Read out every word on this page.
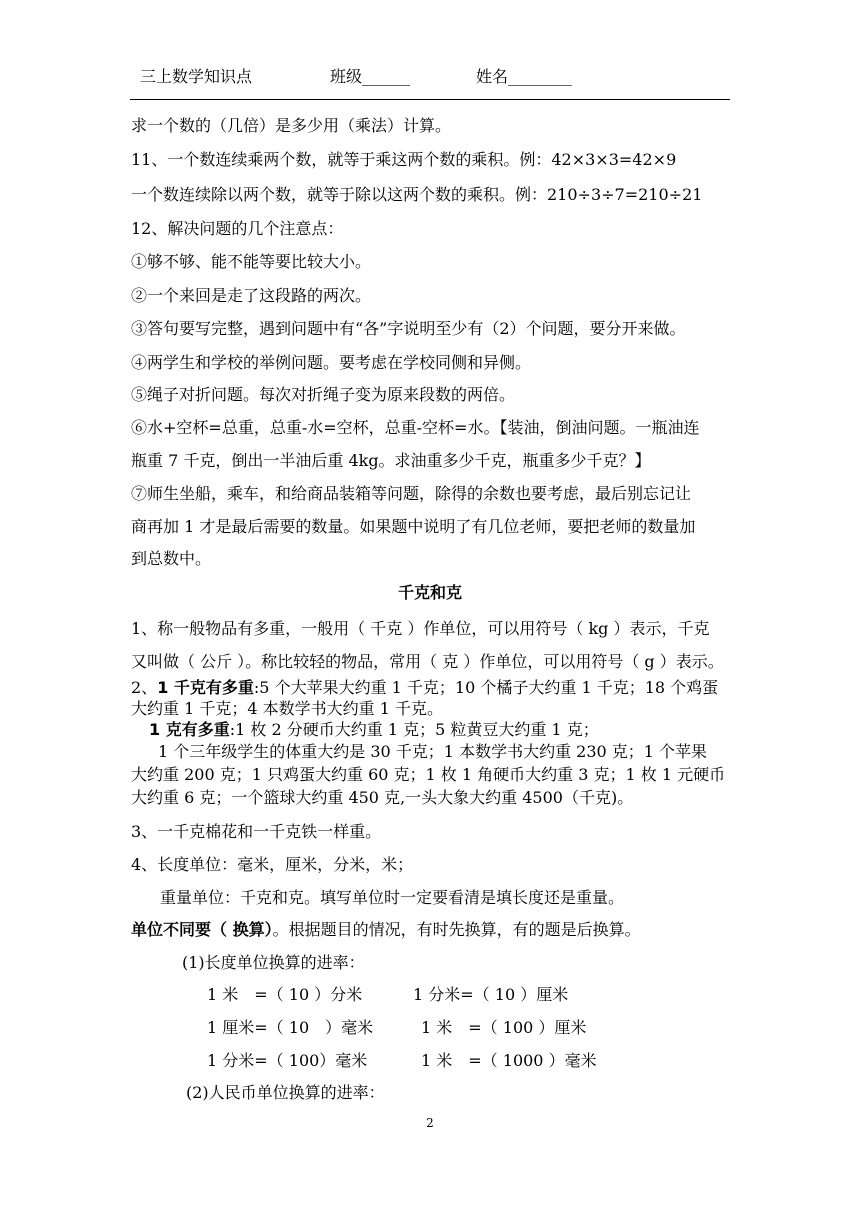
三上数学知识点	班级______	姓名________
求一个数的（几倍）是多少用（乘法）计算。
11、一个数连续乘两个数，就等于乘这两个数的乘积。例：42×3×3=42×9
一个数连续除以两个数，就等于除以这两个数的乘积。例：210÷3÷7=210÷21
12、解决问题的几个注意点：
①够不够、能不能等要比较大小。
②一个来回是走了这段路的两次。
③答句要写完整，遇到问题中有“各”字说明至少有（2）个问题，要分开来做。
④两学生和学校的举例问题。要考虑在学校同侧和异侧。
⑤绳子对折问题。每次对折绳子变为原来段数的两倍。
⑥水+空杯=总重，总重-水=空杯，总重-空杯=水。【装油，倒油问题。一瓶油连
瓶重 7 千克，倒出一半油后重 4kg。求油重多少千克，瓶重多少千克？】
⑦师生坐船，乘车，和给商品装箱等问题，除得的余数也要考虑，最后别忘记让
商再加 1 才是最后需要的数量。如果题中说明了有几位老师，要把老师的数量加
到总数中。
千克和克
1、称一般物品有多重，一般用（ 千克 ）作单位，可以用符号（ kg ）表示，千克
又叫做（ 公斤 ）。称比较轻的物品，常用（ 克 ）作单位，可以用符号（ g ）表示。
2、1 千克有多重:5 个大苹果大约重 1 千克；10 个橘子大约重 1 千克；18 个鸡蛋
大约重 1 千克；4 本数学书大约重 1 千克。
1 克有多重:1 枚 2 分硬币大约重 1 克；5 粒黄豆大约重 1 克；
1 个三年级学生的体重大约是 30 千克；1 本数学书大约重 230 克；1 个苹果
大约重 200 克；1 只鸡蛋大约重 60 克；1 枚 1 角硬币大约重 3 克；1 枚 1 元硬币
大约重 6 克；一个篮球大约重 450 克,一头大象大约重 4500（千克)。
3、一千克棉花和一千克铁一样重。
4、长度单位：毫米，厘米，分米，米；
重量单位：千克和克。填写单位时一定要看清是填长度还是重量。
单位不同要（ 换算）。根据题目的情况，有时先换算，有的题是后换算。
(1)长度单位换算的进率：
1 米　=（ 10 ）分米	1 分米=（ 10 ）厘米
1 厘米=（ 10　）毫米	1 米　=（ 100 ）厘米
1 分米=（ 100）毫米	1 米　=（ 1000 ）毫米
(2)人民币单位换算的进率：
2
